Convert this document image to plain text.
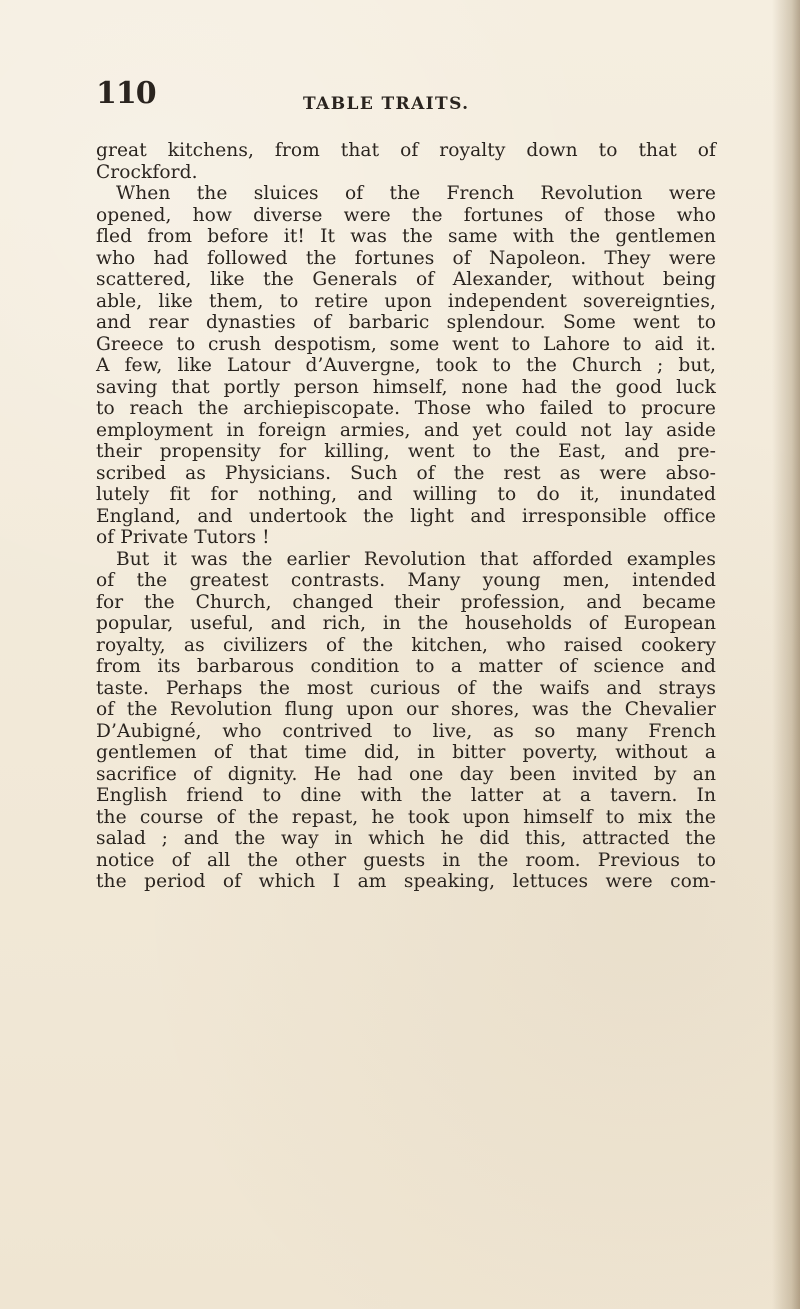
110	TABLE TRAITS.
great kitchens, from that of royalty down to that of
Crockford.
When the sluices of the French Revolution were
opened, how diverse were the fortunes of those who
fled from before it! It was the same with the gentlemen
who had followed the fortunes of Napoleon. They were
scattered, like the Generals of Alexander, without being
able, like them, to retire upon independent sovereignties,
and rear dynasties of barbaric splendour. Some went to
Greece to crush despotism, some went to Lahore to aid it.
A few, like Latour d’Auvergne, took to the Church ; but,
saving that portly person himself, none had the good luck
to reach the archiepiscopate. Those who failed to procure
employment in foreign armies, and yet could not lay aside
their propensity for killing, went to the East, and pre-
scribed as Physicians. Such of the rest as were abso-
lutely fit for nothing, and willing to do it, inundated
England, and undertook the light and irresponsible office
of Private Tutors !
But it was the earlier Revolution that afforded examples
of the greatest contrasts. Many young men, intended
for the Church, changed their profession, and became
popular, useful, and rich, in the households of European
royalty, as civilizers of the kitchen, who raised cookery
from its barbarous condition to a matter of science and
taste. Perhaps the most curious of the waifs and strays
of the Revolution flung upon our shores, was the Chevalier
D’Aubigné, who contrived to live, as so many French
gentlemen of that time did, in bitter poverty, without a
sacrifice of dignity. He had one day been invited by an
English friend to dine with the latter at a tavern. In
the course of the repast, he took upon himself to mix the
salad ; and the way in which he did this, attracted the
notice of all the other guests in the room. Previous to
the period of which I am speaking, lettuces were com-
